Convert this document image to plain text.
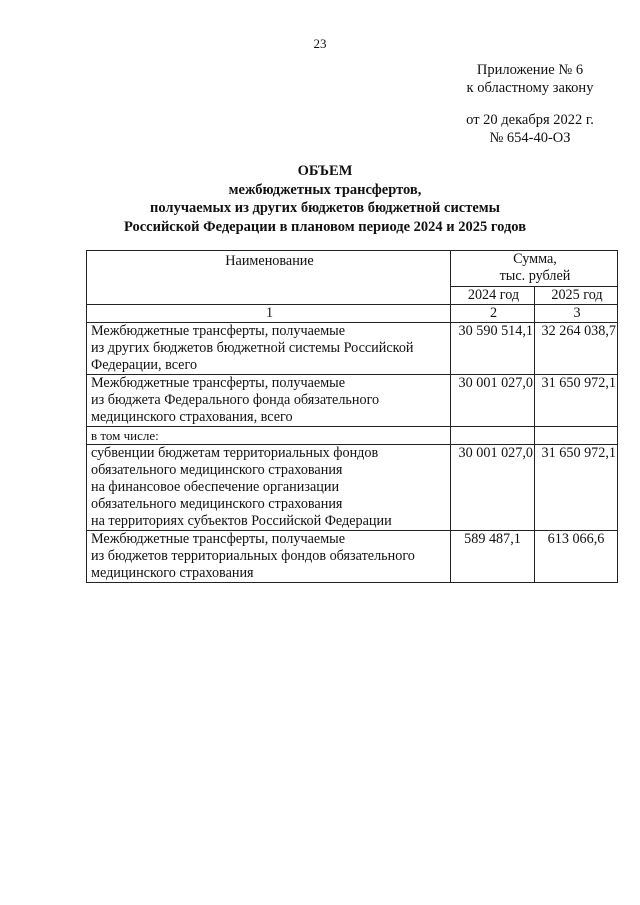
23
Приложение № 6
к областному закону
от 20 декабря 2022 г.
№ 654-40-ОЗ
ОБЪЕМ
межбюджетных трансфертов,
получаемых из других бюджетов бюджетной системы
Российской Федерации в плановом периоде 2024 и 2025 годов
Наименование	Сумма,
тыс. рублей	

	2024 год	2025 год
1	2	3

Межбюджетные трансферты, получаемые
из других бюджетов бюджетной системы Российской
Федерации, всего	30 590 514,1	32 264 038,7

Межбюджетные трансферты, получаемые
из бюджета Федерального фонда обязательного
медицинского страхования, всего	30 001 027,0	31 650 972,1

в том числе:		

субвенции бюджетам территориальных фондов
обязательного медицинского страхования
на финансовое обеспечение организации
обязательного медицинского страхования
на территориях субъектов Российской Федерации	30 001 027,0	31 650 972,1

Межбюджетные трансферты, получаемые
из бюджетов территориальных фондов обязательного
медицинского страхования	589 487,1	613 066,6
